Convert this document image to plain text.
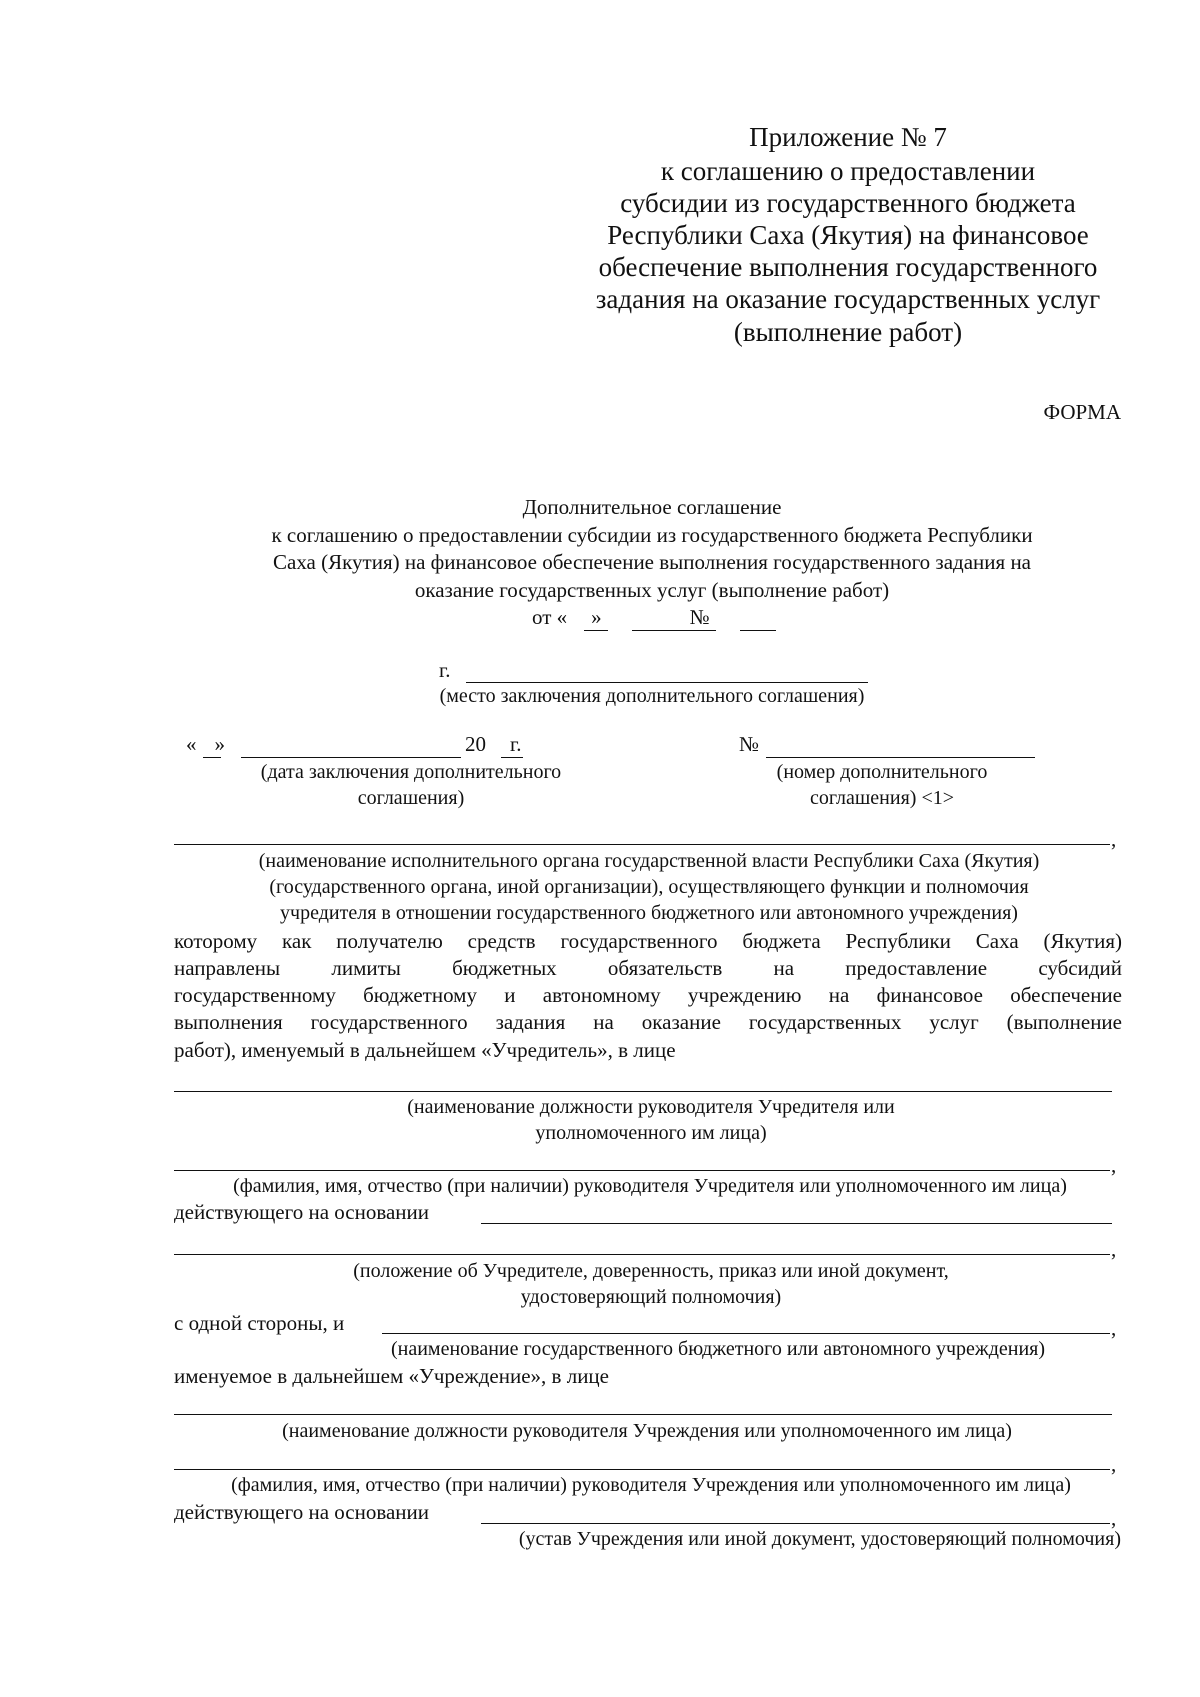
Приложение № 7
к соглашению о предоставлении
субсидии из государственного бюджета
Республики Саха (Якутия) на финансовое
обеспечение выполнения государственного
задания на оказание государственных услуг
(выполнение работ)
ФОРМА
Дополнительное соглашение
к соглашению о предоставлении субсидии из государственного бюджета Республики
Саха (Якутия) на финансовое обеспечение выполнения государственного задания на
оказание государственных услуг (выполнение работ)
от « »	№
г.
(место заключения дополнительного соглашения)
« »	20 г.
(дата заключения дополнительного
соглашения)
№
(номер дополнительного
соглашения) <1>
,
(наименование исполнительного органа государственной власти Республики Саха (Якутия)
(государственного органа, иной организации), осуществляющего функции и полномочия
учредителя в отношении государственного бюджетного или автономного учреждения)
которому как получателю средств государственного бюджета Республики Саха (Якутия)
направлены лимиты бюджетных обязательств на предоставление субсидий
государственному бюджетному и автономному учреждению на финансовое обеспечение
выполнения государственного задания на оказание государственных услуг (выполнение
работ), именуемый в дальнейшем «Учредитель», в лице
(наименование должности руководителя Учредителя или
уполномоченного им лица)
,
(фамилия, имя, отчество (при наличии) руководителя Учредителя или уполномоченного им лица)
действующего на основании
,
(положение об Учредителе, доверенность, приказ или иной документ,
удостоверяющий полномочия)
с одной стороны, и	,
(наименование государственного бюджетного или автономного учреждения)
именуемое в дальнейшем «Учреждение», в лице
(наименование должности руководителя Учреждения или уполномоченного им лица)
,
(фамилия, имя, отчество (при наличии) руководителя Учреждения или уполномоченного им лица)
действующего на основании	,
(устав Учреждения или иной документ, удостоверяющий полномочия)
